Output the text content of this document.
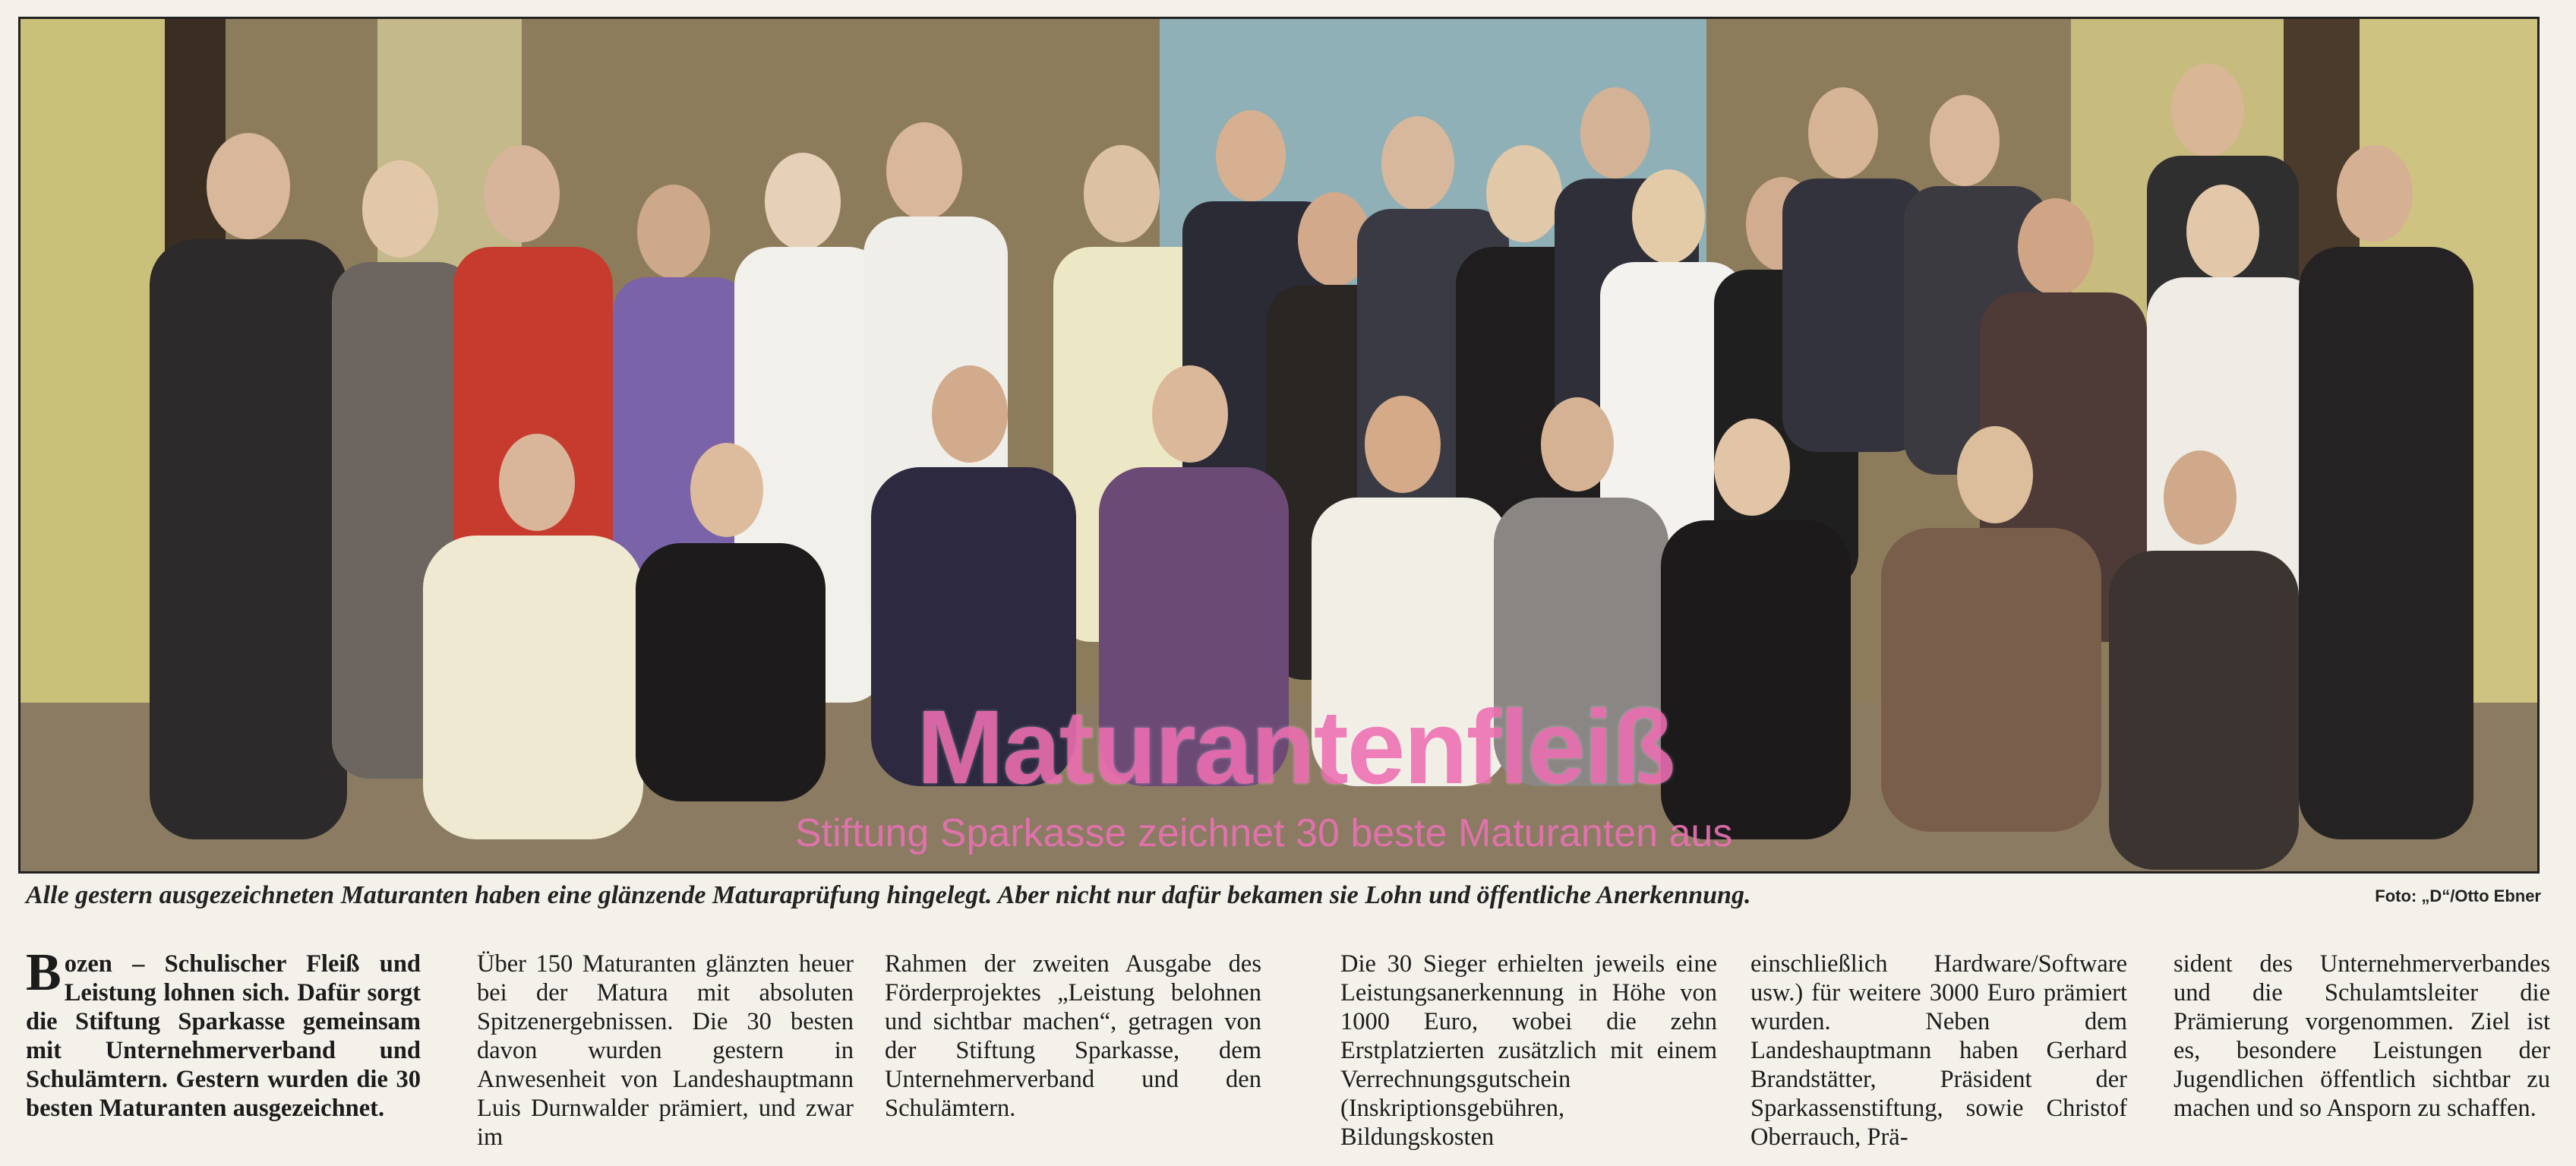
Maturantenfleiß
Stiftung Sparkasse zeichnet 30 beste Maturanten aus
Alle gestern ausgezeichneten Maturanten haben eine glänzende Maturaprüfung hingelegt. Aber nicht nur dafür bekamen sie Lohn und öffentliche Anerkennung.	Foto: „D“/Otto Ebner
Bozen – Schulischer Fleiß und Leistung lohnen sich. Dafür sorgt die Stiftung Sparkasse gemeinsam mit Unternehmerverband und Schulämtern. Gestern wurden die 30 besten Maturanten ausgezeichnet.
Über 150 Maturanten glänzten heuer bei der Matura mit absoluten Spitzenergebnissen. Die 30 besten davon wurden gestern in Anwesenheit von Landeshauptmann Luis Durnwalder prämiert, und zwar im
Rahmen der zweiten Ausgabe des Förderprojektes „Leistung belohnen und sichtbar machen“, getragen von der Stiftung Sparkasse, dem Unternehmerverband und den Schulämtern.
Die 30 Sieger erhielten jeweils eine Leistungsanerkennung in Höhe von 1000 Euro, wobei die zehn Erstplatzierten zusätzlich mit einem Verrechnungsgutschein (Inskriptionsgebühren, Bildungskosten
einschließlich Hardware/Software usw.) für weitere 3000 Euro prämiert wurden. Neben dem Landeshauptmann haben Gerhard Brandstätter, Präsident der Sparkassenstiftung, sowie Christof Oberrauch, Prä-
sident des Unternehmerverbandes und die Schulamtsleiter die Prämierung vorgenommen. Ziel ist es, besondere Leistungen der Jugendlichen öffentlich sichtbar zu machen und so Ansporn zu schaffen.
